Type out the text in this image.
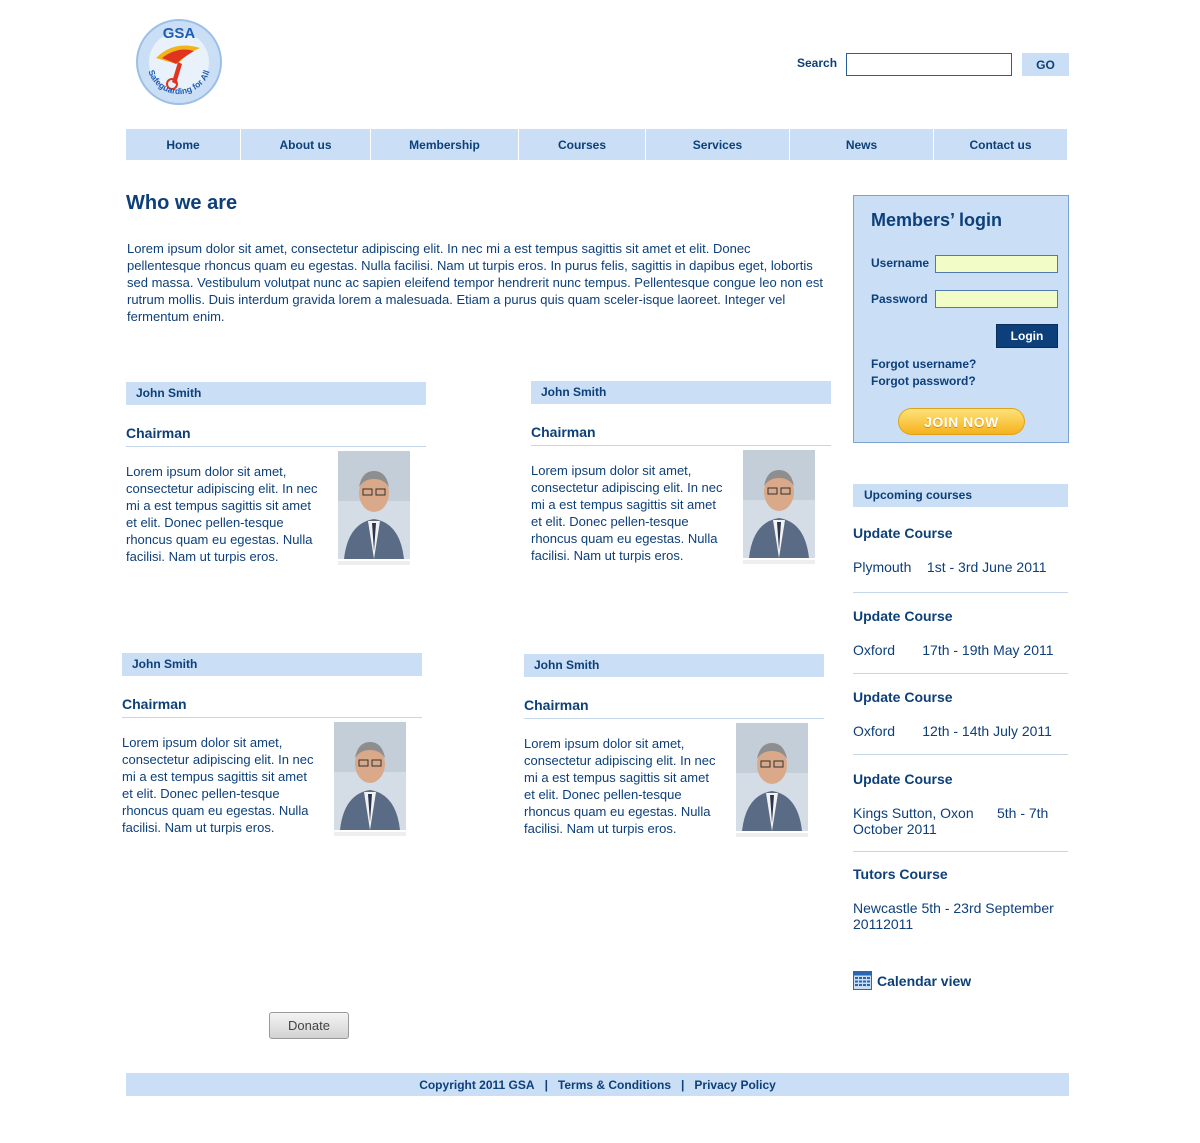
GSA
Safeguarding for All
Search	GO
Home	About us	Membership	Courses	Services	News	Contact us
Who we are
Lorem ipsum dolor sit amet, consectetur adipiscing elit. In nec mi a est tempus sagittis sit amet et elit. Donec pellentesque rhoncus quam eu egestas. Nulla facilisi. Nam ut turpis eros. In purus felis, sagittis in dapibus eget, lobortis sed massa. Vestibulum volutpat nunc ac sapien eleifend tempor hendrerit nunc tempus. Pellentesque congue leo non est rutrum mollis. Duis interdum gravida lorem a malesuada. Etiam a purus quis quam sceler-isque laoreet. Integer vel fermentum enim.
John Smith
Chairman
Lorem ipsum dolor sit amet, consectetur adipiscing elit. In nec mi a est tempus sagittis sit amet et elit. Donec pellen-tesque rhoncus quam eu egestas. Nulla facilisi. Nam ut turpis eros.
John Smith
Chairman
Lorem ipsum dolor sit amet, consectetur adipiscing elit. In nec mi a est tempus sagittis sit amet et elit. Donec pellen-tesque rhoncus quam eu egestas. Nulla facilisi. Nam ut turpis eros.
John Smith
Chairman
Lorem ipsum dolor sit amet, consectetur adipiscing elit. In nec mi a est tempus sagittis sit amet et elit. Donec pellen-tesque rhoncus quam eu egestas. Nulla facilisi. Nam ut turpis eros.
John Smith
Chairman
Lorem ipsum dolor sit amet, consectetur adipiscing elit. In nec mi a est tempus sagittis sit amet et elit. Donec pellen-tesque rhoncus quam eu egestas. Nulla facilisi. Nam ut turpis eros.
Donate
Members’ login
Username
Password
Login
Forgot username?
Forgot password?
JOIN NOW
Upcoming courses
Update Course
Plymouth    1st - 3rd June 2011
Update Course
Oxford       17th - 19th May 2011
Update Course
Oxford       12th - 14th July 2011
Update Course
Kings Sutton, Oxon      5th - 7th October 2011
Tutors Course
Newcastle 5th - 23rd September 20112011
Calendar view
Copyright 2011 GSA | Terms & Conditions | Privacy Policy
